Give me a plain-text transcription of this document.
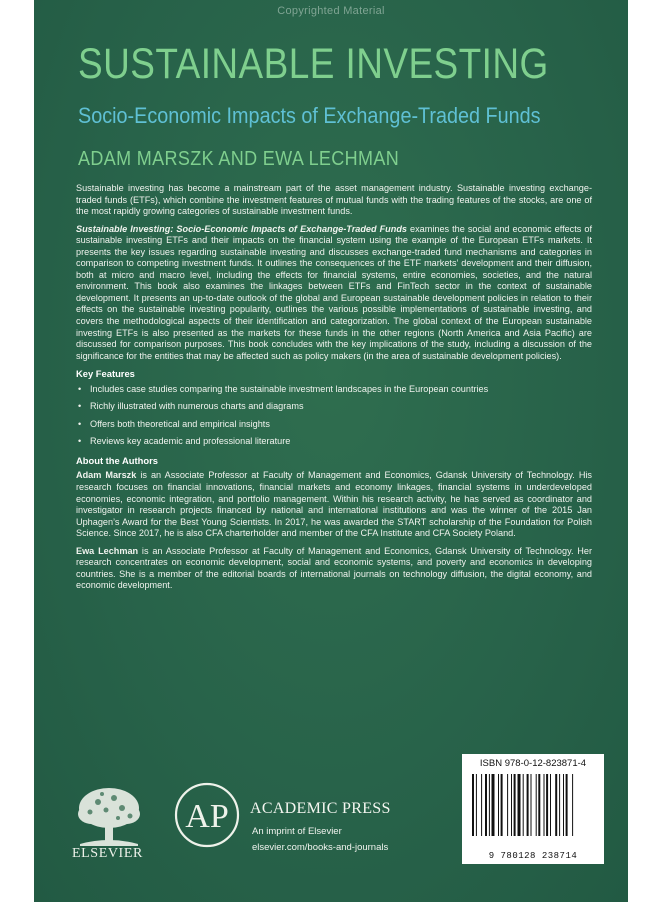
Copyrighted Material
SUSTAINABLE INVESTING
Socio-Economic Impacts of Exchange-Traded Funds
ADAM MARSZK AND EWA LECHMAN

Sustainable investing has become a mainstream part of the asset management industry. Sustainable investing exchange-traded funds (ETFs), which combine the investment features of mutual funds with the trading features of the stocks, are one of the most rapidly growing categories of sustainable investment funds.

Sustainable Investing: Socio-Economic Impacts of Exchange-Traded Funds examines the social and economic effects of sustainable investing ETFs and their impacts on the financial system using the example of the European ETFs markets. It presents the key issues regarding sustainable investing and discusses exchange-traded fund mechanisms and categories in comparison to competing investment funds. It outlines the consequences of the ETF markets’ development and their diffusion, both at micro and macro level, including the effects for financial systems, entire economies, societies, and the natural environment. This book also examines the linkages between ETFs and FinTech sector in the context of sustainable development. It presents an up-to-date outlook of the global and European sustainable development policies in relation to their effects on the sustainable investing popularity, outlines the various possible implementations of sustainable investing, and covers the methodological aspects of their identification and categorization. The global context of the European sustainable investing ETFs is also presented as the markets for these funds in the other regions (North America and Asia Pacific) are discussed for comparison purposes. This book concludes with the key implications of the study, including a discussion of the significance for the entities that may be affected such as policy makers (in the area of sustainable development policies).

Key Features
• Includes case studies comparing the sustainable investment landscapes in the European countries
• Richly illustrated with numerous charts and diagrams
• Offers both theoretical and empirical insights
• Reviews key academic and professional literature
About the Authors

Adam Marszk is an Associate Professor at Faculty of Management and Economics, Gdansk University of Technology. His research focuses on financial innovations, financial markets and economy linkages, financial systems in underdeveloped economies, economic integration, and portfolio management. Within his research activity, he has served as coordinator and investigator in research projects financed by national and international institutions and was the winner of the 2015 Jan Uphagen’s Award for the Best Young Scientists. In 2017, he was awarded the START scholarship of the Foundation for Polish Science. Since 2017, he is also CFA charterholder and member of the CFA Institute and CFA Society Poland.

Ewa Lechman is an Associate Professor at Faculty of Management and Economics, Gdansk University of Technology. Her research concentrates on economic development, social and economic systems, and poverty and economics in developing countries. She is a member of the editorial boards of international journals on technology diffusion, the digital economy, and economic development.

ELSEVIER
AP ACADEMIC PRESS
An imprint of Elsevier
elsevier.com/books-and-journals
ISBN 978-0-12-823871-4
9 780128 238714
